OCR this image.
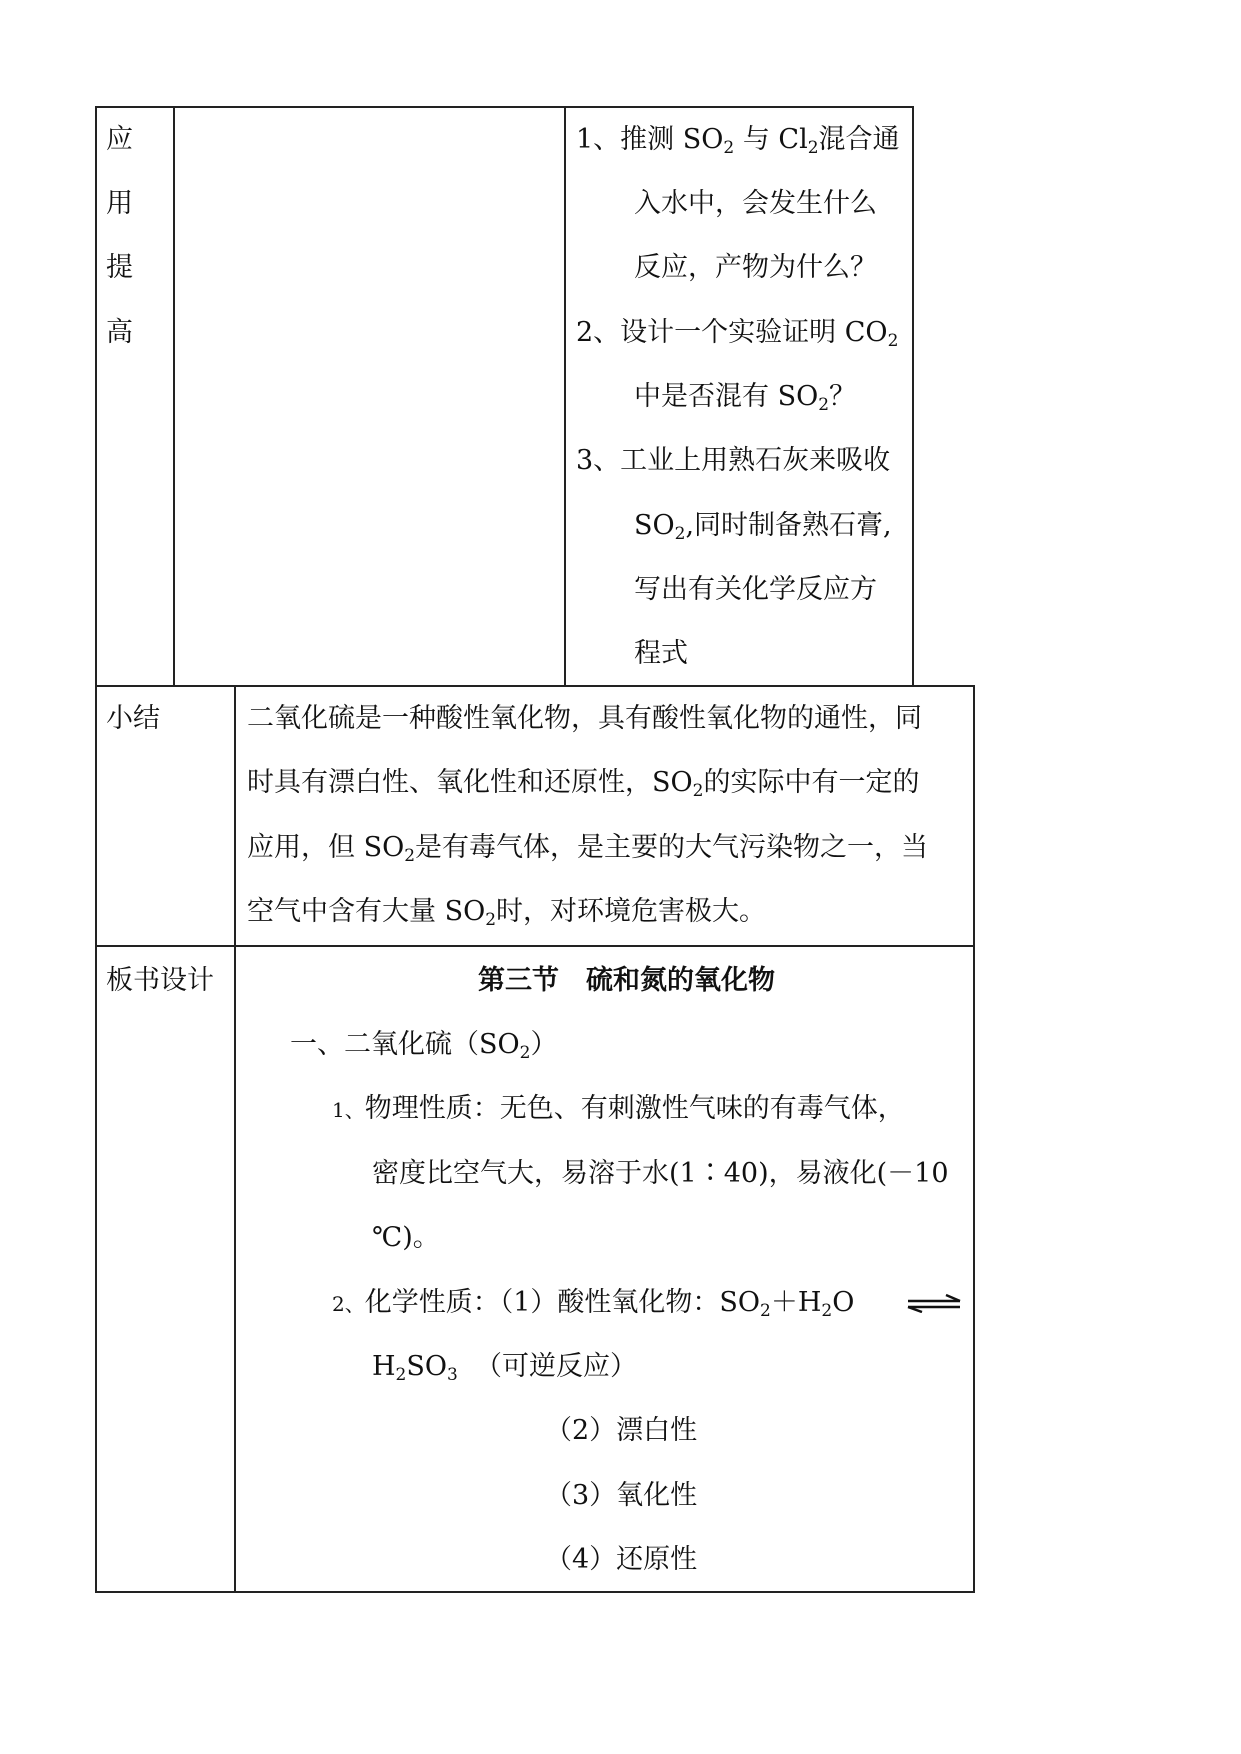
应
用
提
高
1、推测 $SO_2$ 与 $Cl_2$混合通
入水中，会发生什么
反应，产物为什么？
2、设计一个实验证明 $CO_2$
中是否混有 $SO_2$？
3、工业上用熟石灰来吸收
$SO_2$,同时制备熟石膏,
写出有关化学反应方
程式
小结	二氧化硫是一种酸性氧化物，具有酸性氧化物的通性，同
时具有漂白性、氧化性和还原性，$SO_2$的实际中有一定的
应用，但 $SO_2$是有毒气体，是主要的大气污染物之一，当
空气中含有大量 $SO_2$时，对环境危害极大。
板书设计	第三节　硫和氮的氧化物
一、二氧化硫$(SO_2)$
1、物理性质：无色、有刺激性气味的有毒气体，
密度比空气大，易溶于水(1∶40)，易液化(－10
℃)。
2、化学性质：（1）酸性氧化物：$SO_2+H_2O$
$H_2SO_3$ （可逆反应）
（2）漂白性
（3）氧化性
（4）还原性
